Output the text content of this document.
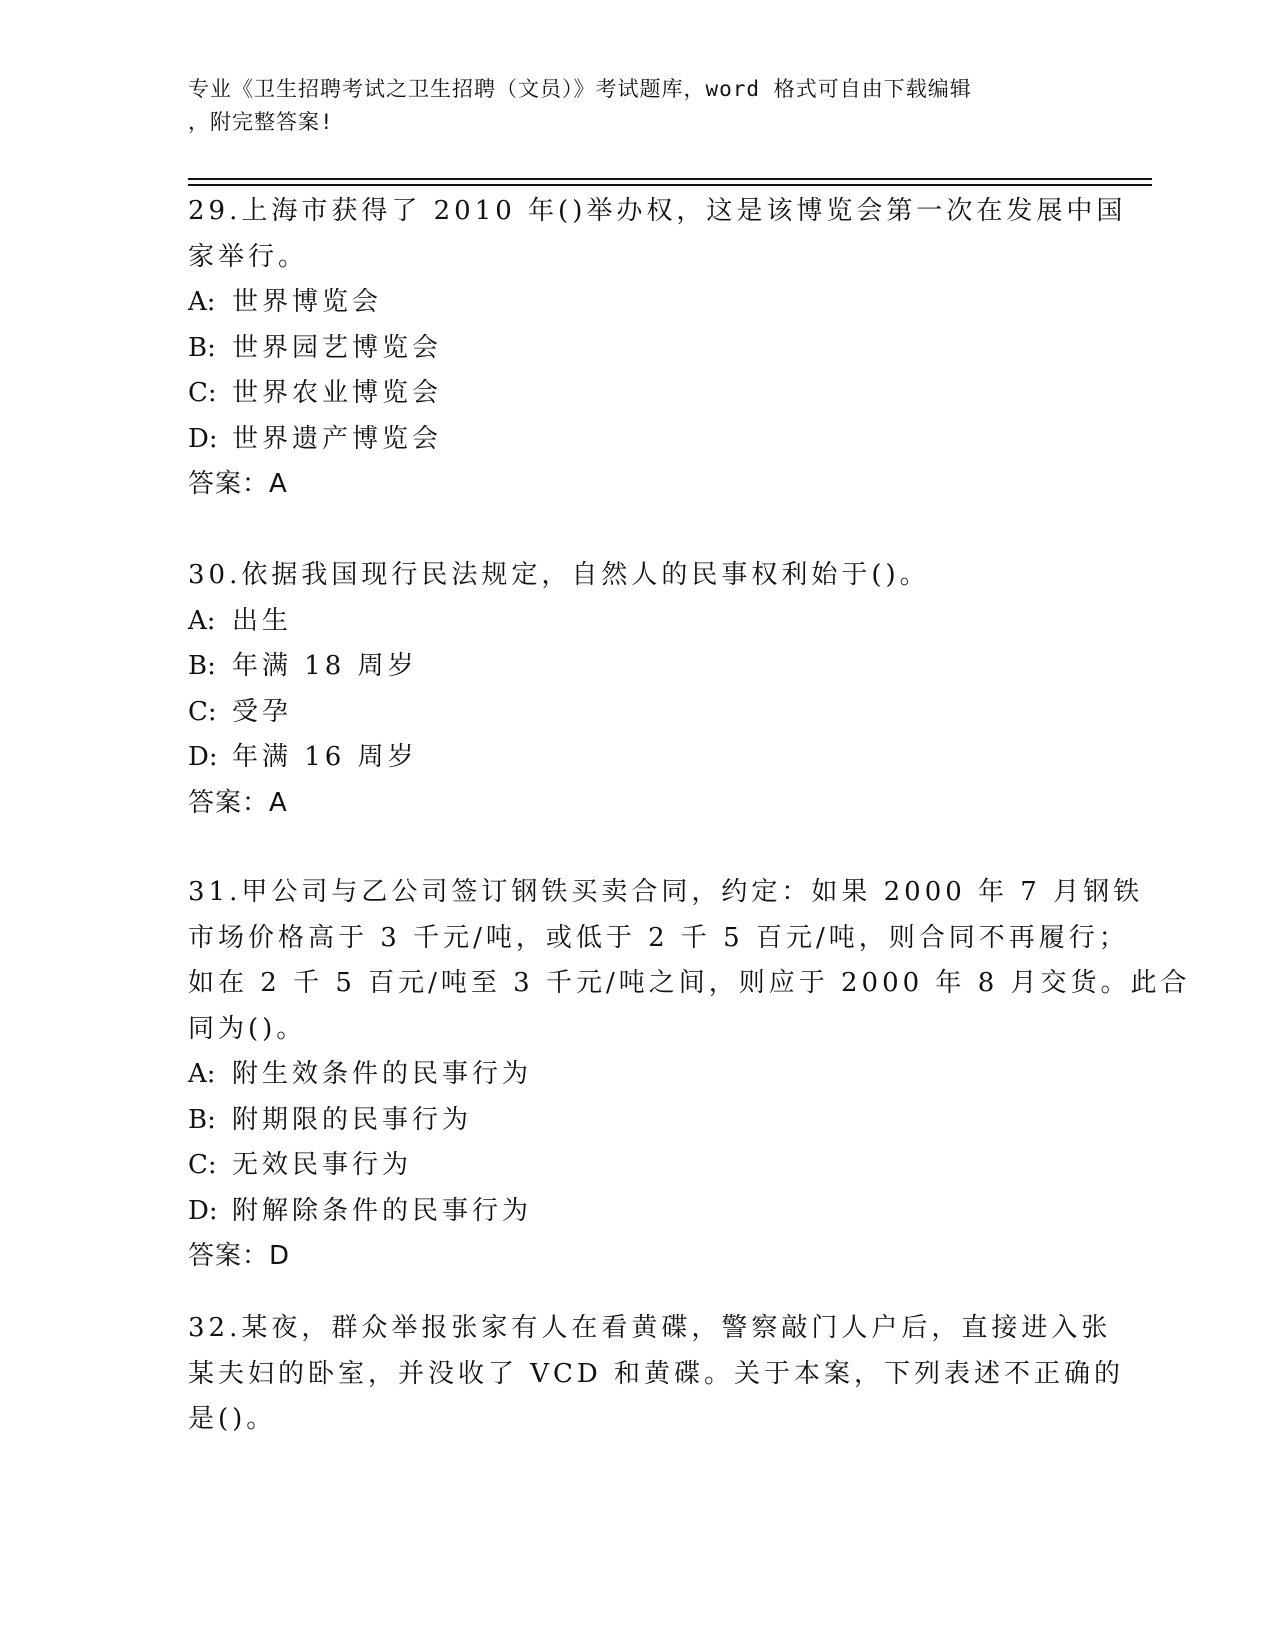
专业《卫生招聘考试之卫生招聘（文员）》考试题库，word 格式可自由下载编辑
，附完整答案!
29.上海市获得了 2010 年()举办权，这是该博览会第一次在发展中国
家举行。
A: 世界博览会
B: 世界园艺博览会
C: 世界农业博览会
D: 世界遗产博览会
答案：A
30.依据我国现行民法规定，自然人的民事权利始于()。
A: 出生
B: 年满 18 周岁
C: 受孕
D: 年满 16 周岁
答案：A
31.甲公司与乙公司签订钢铁买卖合同，约定：如果 2000 年 7 月钢铁
市场价格高于 3 千元/吨，或低于 2 千 5 百元/吨，则合同不再履行；
如在 2 千 5 百元/吨至 3 千元/吨之间，则应于 2000 年 8 月交货。此合
同为()。
A: 附生效条件的民事行为
B: 附期限的民事行为
C: 无效民事行为
D: 附解除条件的民事行为
答案：D
32.某夜，群众举报张家有人在看黄碟，警察敲门人户后，直接进入张
某夫妇的卧室，并没收了 VCD 和黄碟。关于本案，下列表述不正确的
是()。
